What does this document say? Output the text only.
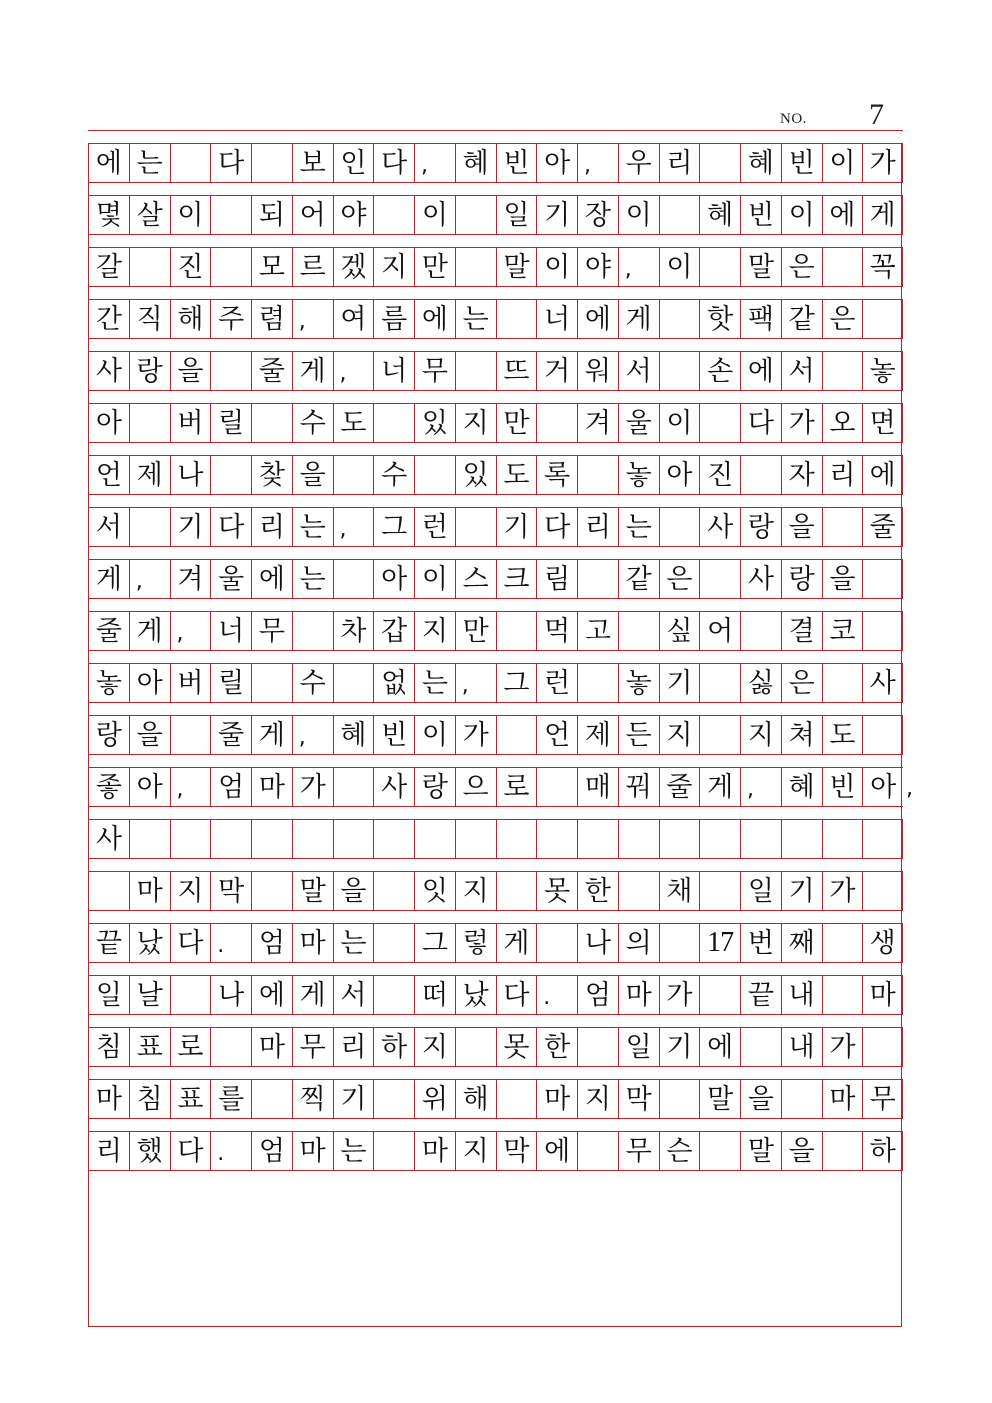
NO. 7
에 는 다 보 인 다 ,	혜 빈 아 ,	우 리 혜 빈 이 가
몇 살 이 되 어 야 이 일 기 장 이 혜 빈 이 에 게
갈 진 모 르 겠 지 만 말 이 야 ,	이 말 은 꼭
간 직 해 주 렴 ,	여 름 에 는 너 에 게 핫 팩 같 은
사 랑 을 줄 게 ,	너 무 뜨 거 워 서 손 에 서 놓
아 버 릴 수 도 있 지 만 겨 울 이 다 가 오 면
언 제 나 찾 을 수 있 도 록 놓 아 진 자 리 에
서 기 다 리 는 ,	그 런 기 다 리 는 사 랑 을 줄
게 ,	겨 울 에 는 아 이 스 크 림 같 은 사 랑 을
줄 게 ,	너 무 차 갑 지 만 먹 고 싶 어 결 코
놓 아 버 릴 수 없 는 ,	그 런 놓 기 싫 은 사
랑 을 줄 게 ,	혜 빈 이 가 언 제 든 지 지 쳐 도
좋 아 ,	엄 마 가 사 랑 으 로 매 꿔 줄 게 ,	혜 빈 아 ,
사
마 지 막 말 을 잇 지 못 한 채 일 기 가
끝 났 다 .	엄 마 는 그 렇 게 나 의 17 번 째 생
일 날 나 에 게 서 떠 났 다 .	엄 마 가 끝 내 마
침 표 로 마 무 리 하 지 못 한 일 기 에 내 가
마 침 표 를 찍 기 위 해 마 지 막 말 을 마 무
리 했 다 .	엄 마 는 마 지 막 에 무 슨 말 을 하
